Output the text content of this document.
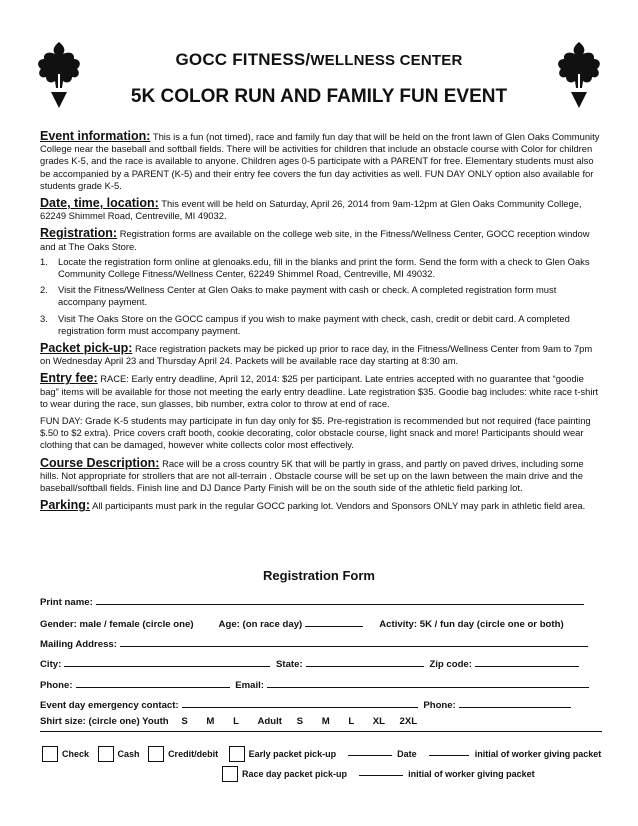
GOCC FITNESS/WELLNESS CENTER
5K COLOR RUN AND FAMILY FUN EVENT

Event information: This is a fun (not timed), race and family fun day that will be held on the front lawn of Glen Oaks Community College near the baseball and softball fields. There will be activities for children that include an obstacle course with Color for children grades K-5, and the race is available to anyone. Children ages 0-5 participate with a PARENT for free. Elementary students must also be accompanied by a PARENT (K-5) and their entry fee covers the fun day activities as well. FUN DAY ONLY option also available for students grade K-5.

Date, time, location: This event will be held on Saturday, April 26, 2014 from 9am-12pm at Glen Oaks Community College, 62249 Shimmel Road, Centreville, MI 49032.

Registration: Registration forms are available on the college web site, in the Fitness/Wellness Center, GOCC reception window and at The Oaks Store.

1. Locate the registration form online at glenoaks.edu, fill in the blanks and print the form. Send the form with a check to Glen Oaks Community College Fitness/Wellness Center, 62249 Shimmel Road, Centreville, MI 49032.
2. Visit the Fitness/Wellness Center at Glen Oaks to make payment with cash or check. A completed registration form must accompany payment.
3. Visit The Oaks Store on the GOCC campus if you wish to make payment with check, cash, credit or debit card. A completed registration form must accompany payment.

Packet pick-up: Race registration packets may be picked up prior to race day, in the Fitness/Wellness Center from 9am to 7pm on Wednesday April 23 and Thursday April 24. Packets will be available race day starting at 8:30 am.

Entry fee: RACE: Early entry deadline, April 12, 2014: $25 per participant. Late entries accepted with no guarantee that “goodie bag” items will be available for those not meeting the early entry deadline. Late registration $35. Goodie bag includes: white race t-shirt to wear during the race, sun glasses, bib number, extra color to throw at end of race.

FUN DAY: Grade K-5 students may participate in fun day only for $5. Pre-registration is recommended but not required (face painting $.50 to $2 extra). Price covers craft booth, cookie decorating, color obstacle course, light snack and more! Participants should wear clothing that can be damaged, however white collects color most effectively.

Course Description: Race will be a cross country 5K that will be partly in grass, and partly on paved drives, including some hills. Not appropriate for strollers that are not all-terrain . Obstacle course will be set up on the lawn between the main drive and the baseball/softball fields. Finish line and DJ Dance Party Finish will be on the south side of the athletic field parking lot.

Parking: All participants must park in the regular GOCC parking lot. Vendors and Sponsors ONLY may park in athletic field area.

Registration Form
Print name:
Gender: male / female (circle one)	Age: (on race day)	Activity: 5K / fun day (circle one or both)
Mailing Address:
City:	State:	Zip code:
Phone:	Email:
Event day emergency contact:	Phone:
Shirt size: (circle one) Youth S M L Adult S M L XL 2XL
Check	Cash	Credit/debit	Early packet pick-up	Date	initial of worker giving packet
Race day packet pick-up	initial of worker giving packet
